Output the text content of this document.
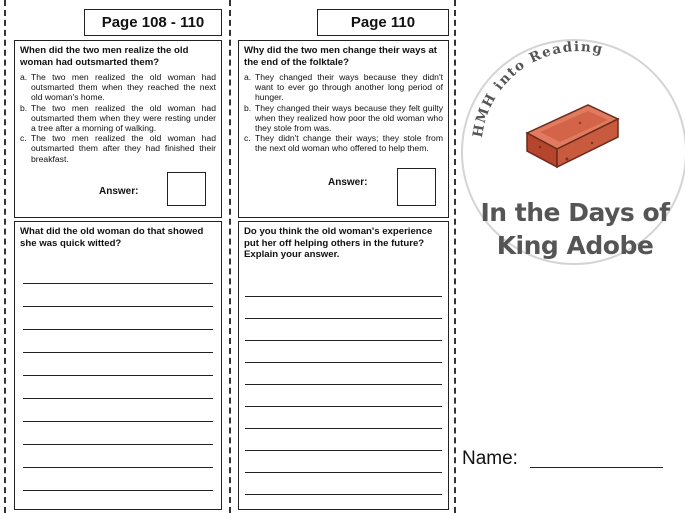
Page 108 - 110
When did the two men realize the old woman had outsmarted them?
a. The two men realized the old woman had outsmarted them when they reached the next old woman's home.
b. The two men realized the old woman had outsmarted them when they were resting under a tree after a morning of walking.
c. The two men realized the old woman had outsmarted them after they had finished their breakfast.
Answer:
What did the old woman do that showed she was quick witted?
Page 110
Why did the two men change their ways at the end of the folktale?
a. They changed their ways because they didn't want to ever go through another long period of hunger.
b. They changed their ways because they felt guilty when they realized how poor the old woman who they stole from was.
c. They didn't change their ways; they stole from the next old woman who offered to help them.
Answer:
Do you think the old woman's experience put her off helping others in the future? Explain your answer.
HMH into Reading
In the Days of
King Adobe
Name:
